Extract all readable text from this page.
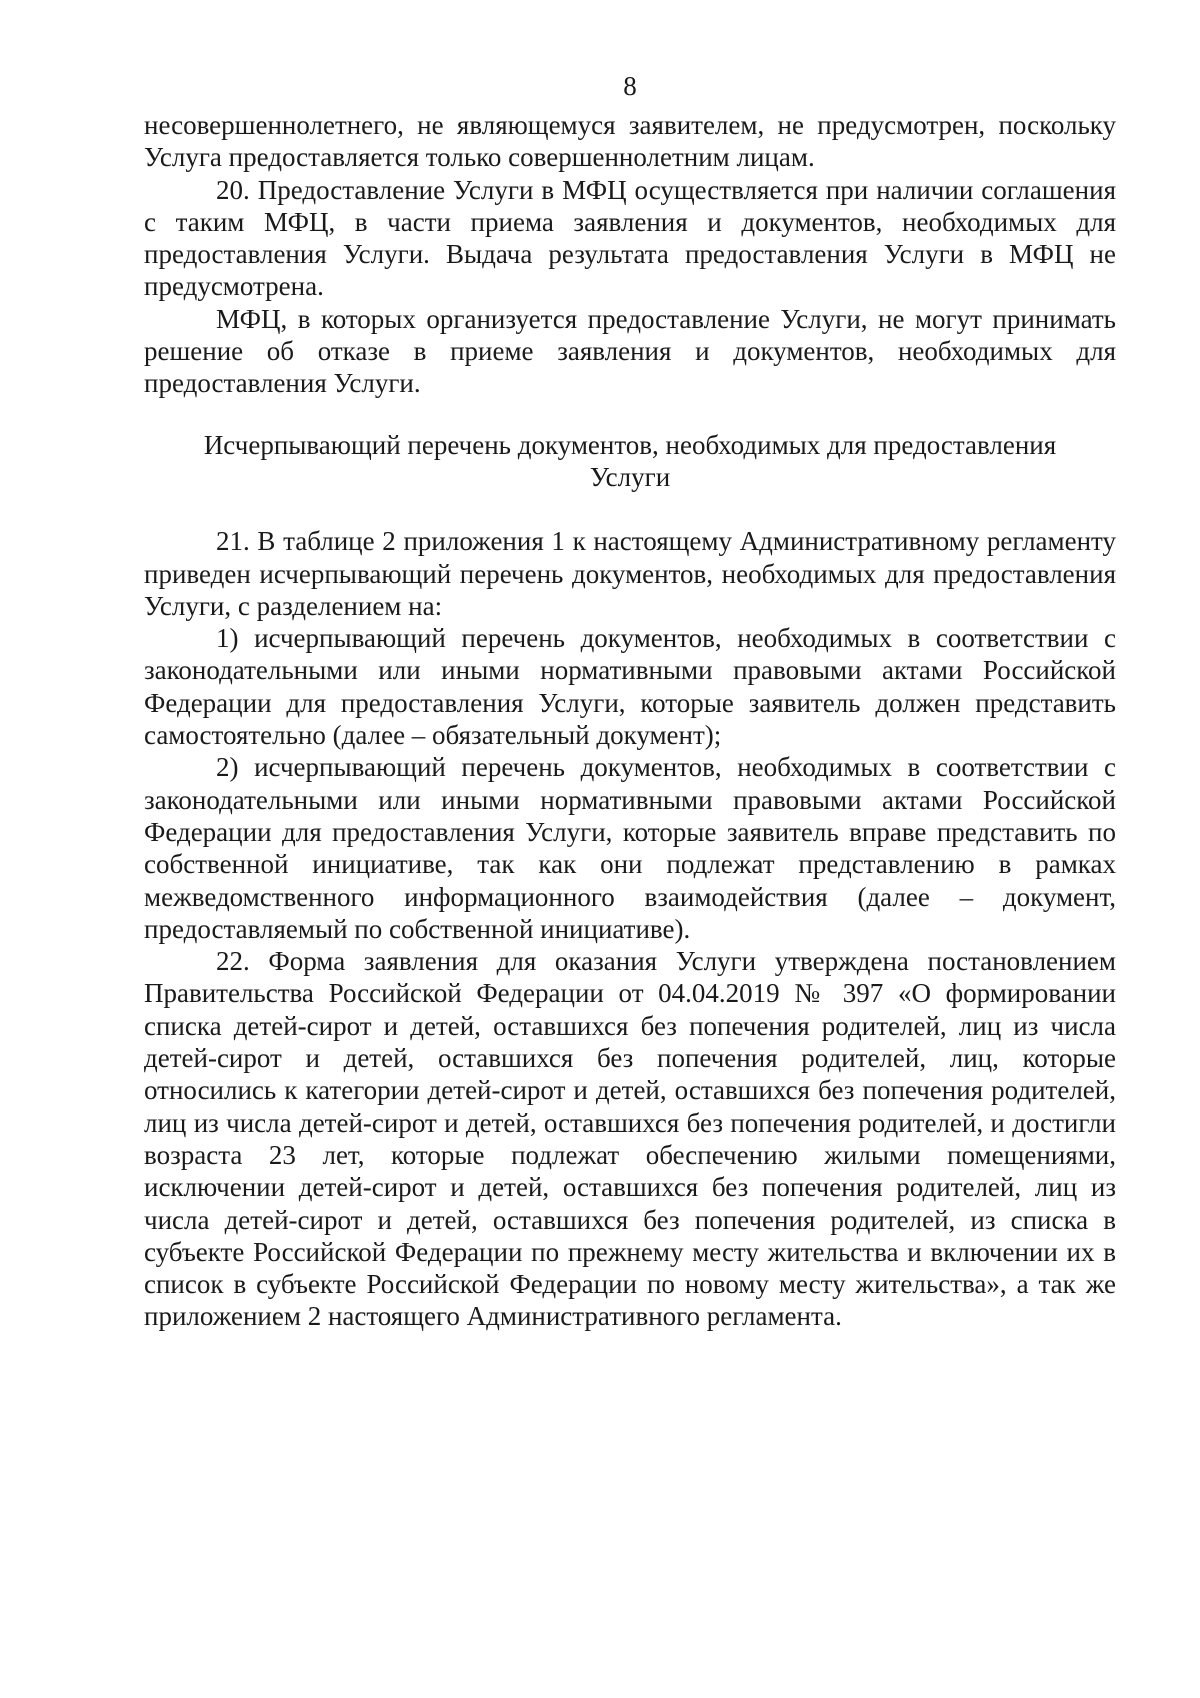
8

несовершеннолетнего, не являющемуся заявителем, не предусмотрен, поскольку Услуга предоставляется только совершеннолетним лицам.

20. Предоставление Услуги в МФЦ осуществляется при наличии соглашения с таким МФЦ, в части приема заявления и документов, необходимых для предоставления Услуги. Выдача результата предоставления Услуги в МФЦ не предусмотрена.

МФЦ, в которых организуется предоставление Услуги, не могут принимать решение об отказе в приеме заявления и документов, необходимых для предоставления Услуги.

Исчерпывающий перечень документов, необходимых для предоставления
Услуги

21. В таблице 2 приложения 1 к настоящему Административному регламенту приведен исчерпывающий перечень документов, необходимых для предоставления Услуги, с разделением на:

1) исчерпывающий перечень документов, необходимых в соответствии с законодательными или иными нормативными правовыми актами Российской Федерации для предоставления Услуги, которые заявитель должен представить самостоятельно (далее – обязательный документ);

2) исчерпывающий перечень документов, необходимых в соответствии с законодательными или иными нормативными правовыми актами Российской Федерации для предоставления Услуги, которые заявитель вправе представить по собственной инициативе, так как они подлежат представлению в рамках межведомственного информационного взаимодействия (далее – документ, предоставляемый по собственной инициативе).

22. Форма заявления для оказания Услуги утверждена постановлением Правительства Российской Федерации от 04.04.2019 № 397 «О формировании списка детей-сирот и детей, оставшихся без попечения родителей, лиц из числа детей-сирот и детей, оставшихся без попечения родителей, лиц, которые относились к категории детей-сирот и детей, оставшихся без попечения родителей, лиц из числа детей-сирот и детей, оставшихся без попечения родителей, и достигли возраста 23 лет, которые подлежат обеспечению жилыми помещениями, исключении детей-сирот и детей, оставшихся без попечения родителей, лиц из числа детей-сирот и детей, оставшихся без попечения родителей, из списка в субъекте Российской Федерации по прежнему месту жительства и включении их в список в субъекте Российской Федерации по новому месту жительства», а так же приложением 2 настоящего Административного регламента.
